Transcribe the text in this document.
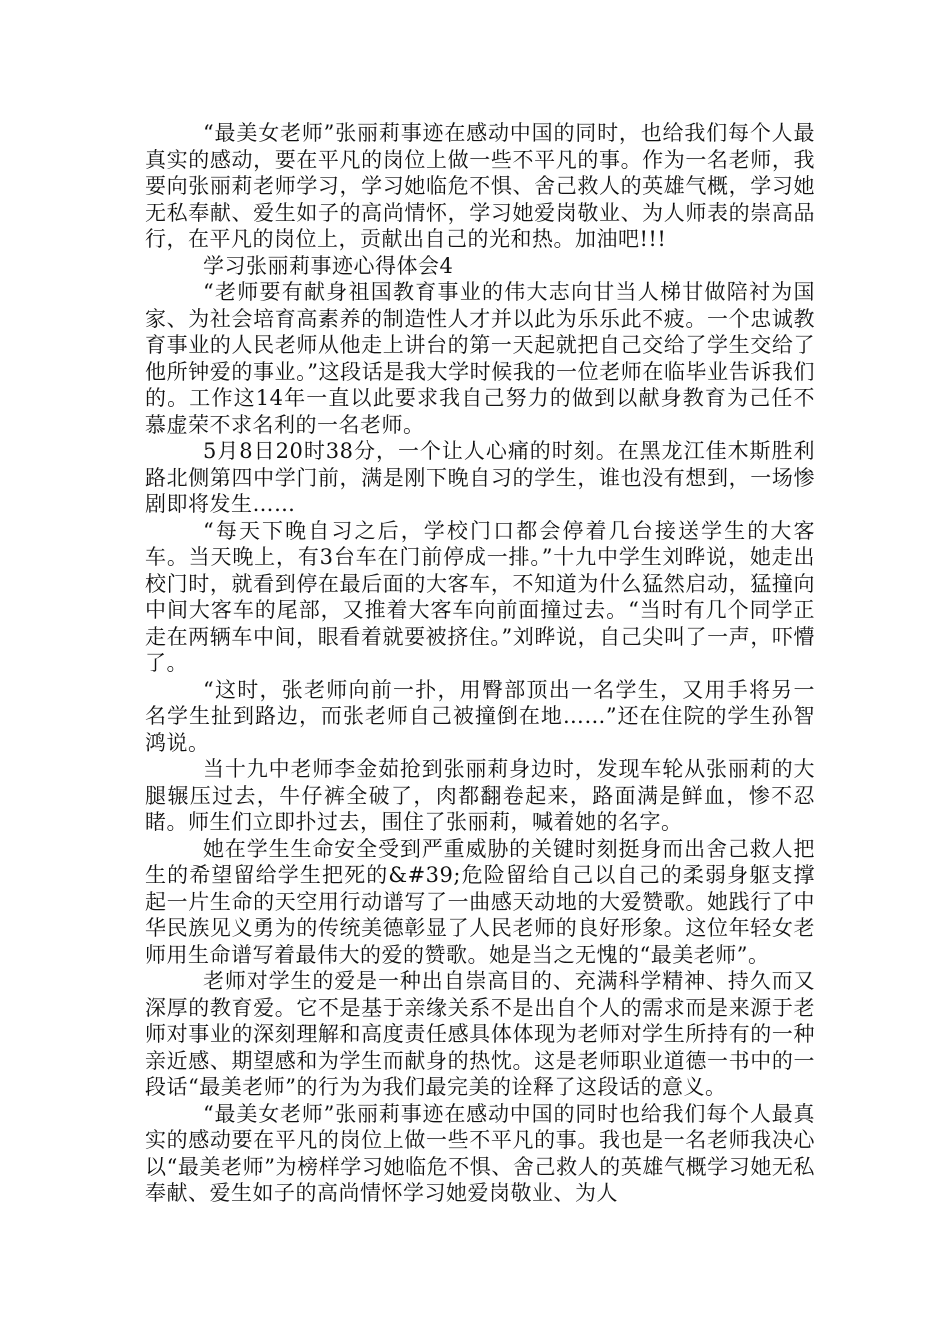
“最美女老师”张丽莉事迹在感动中国的同时，也给我们每个人最真实的感动，要在平凡的岗位上做一些不平凡的事。作为一名老师，我要向张丽莉老师学习，学习她临危不惧、舍己救人的英雄气概，学习她无私奉献、爱生如子的高尚情怀，学习她爱岗敬业、为人师表的崇高品行，在平凡的岗位上，贡献出自己的光和热。加油吧!!!

学习张丽莉事迹心得体会4

“老师要有献身祖国教育事业的伟大志向甘当人梯甘做陪衬为国家、为社会培育高素养的制造性人才并以此为乐乐此不疲。一个忠诚教育事业的人民老师从他走上讲台的第一天起就把自己交给了学生交给了他所钟爱的事业。”这段话是我大学时候我的一位老师在临毕业告诉我们的。工作这14年一直以此要求我自己努力的做到以献身教育为己任不慕虚荣不求名利的一名老师。

5月8日20时38分，一个让人心痛的时刻。在黑龙江佳木斯胜利路北侧第四中学门前，满是刚下晚自习的学生，谁也没有想到，一场惨剧即将发生……

“每天下晚自习之后，学校门口都会停着几台接送学生的大客车。当天晚上，有3台车在门前停成一排。”十九中学生刘晔说，她走出校门时，就看到停在最后面的大客车，不知道为什么猛然启动，猛撞向中间大客车的尾部，又推着大客车向前面撞过去。“当时有几个同学正走在两辆车中间，眼看着就要被挤住。”刘晔说，自己尖叫了一声，吓懵了。

“这时，张老师向前一扑，用臀部顶出一名学生，又用手将另一名学生扯到路边，而张老师自己被撞倒在地……”还在住院的学生孙智鸿说。

当十九中老师李金茹抢到张丽莉身边时，发现车轮从张丽莉的大腿辗压过去，牛仔裤全破了，肉都翻卷起来，路面满是鲜血，惨不忍睹。师生们立即扑过去，围住了张丽莉，喊着她的名字。

她在学生生命安全受到严重威胁的关键时刻挺身而出舍己救人把生的希望留给学生把死的&#39;危险留给自己以自己的柔弱身躯支撑起一片生命的天空用行动谱写了一曲感天动地的大爱赞歌。她践行了中华民族见义勇为的传统美德彰显了人民老师的良好形象。这位年轻女老师用生命谱写着最伟大的爱的赞歌。她是当之无愧的“最美老师”。

老师对学生的爱是一种出自崇高目的、充满科学精神、持久而又深厚的教育爱。它不是基于亲缘关系不是出自个人的需求而是来源于老师对事业的深刻理解和高度责任感具体体现为老师对学生所持有的一种亲近感、期望感和为学生而献身的热忱。这是老师职业道德一书中的一段话“最美老师”的行为为我们最完美的诠释了这段话的意义。

“最美女老师”张丽莉事迹在感动中国的同时也给我们每个人最真实的感动要在平凡的岗位上做一些不平凡的事。我也是一名老师我决心以“最美老师”为榜样学习她临危不惧、舍己救人的英雄气概学习她无私奉献、爱生如子的高尚情怀学习她爱岗敬业、为人
